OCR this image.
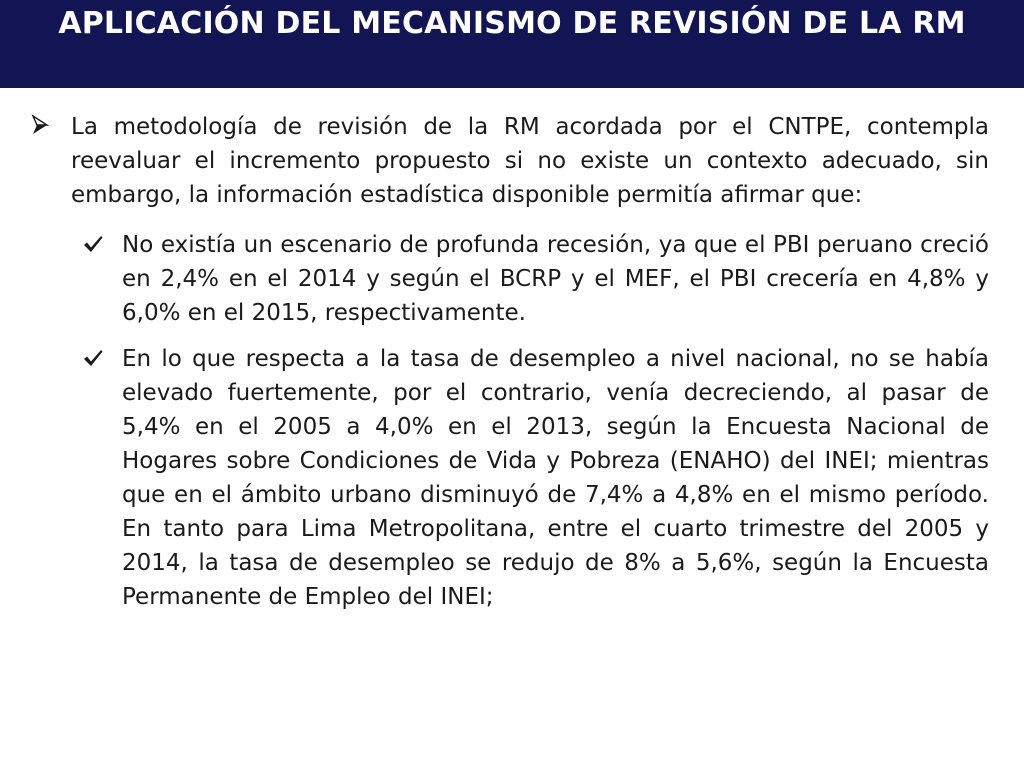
APLICACIÓN DEL MECANISMO DE REVISIÓN DE LA RM
La metodología de revisión de la RM acordada por el CNTPE, contempla reevaluar el incremento propuesto si no existe un contexto adecuado, sin embargo, la información estadística disponible permitía afirmar que:
No existía un escenario de profunda recesión, ya que el PBI peruano creció en 2,4% en el 2014 y según el BCRP y el MEF, el PBI crecería en 4,8% y 6,0% en el 2015, respectivamente.
En lo que respecta a la tasa de desempleo a nivel nacional, no se había elevado fuertemente, por el contrario, venía decreciendo, al pasar de 5,4% en el 2005 a 4,0% en el 2013, según la Encuesta Nacional de Hogares sobre Condiciones de Vida y Pobreza (ENAHO) del INEI; mientras que en el ámbito urbano disminuyó de 7,4% a 4,8% en el mismo período. En tanto para Lima Metropolitana, entre el cuarto trimestre del 2005 y 2014, la tasa de desempleo se redujo de 8% a 5,6%, según la Encuesta Permanente de Empleo del INEI;
